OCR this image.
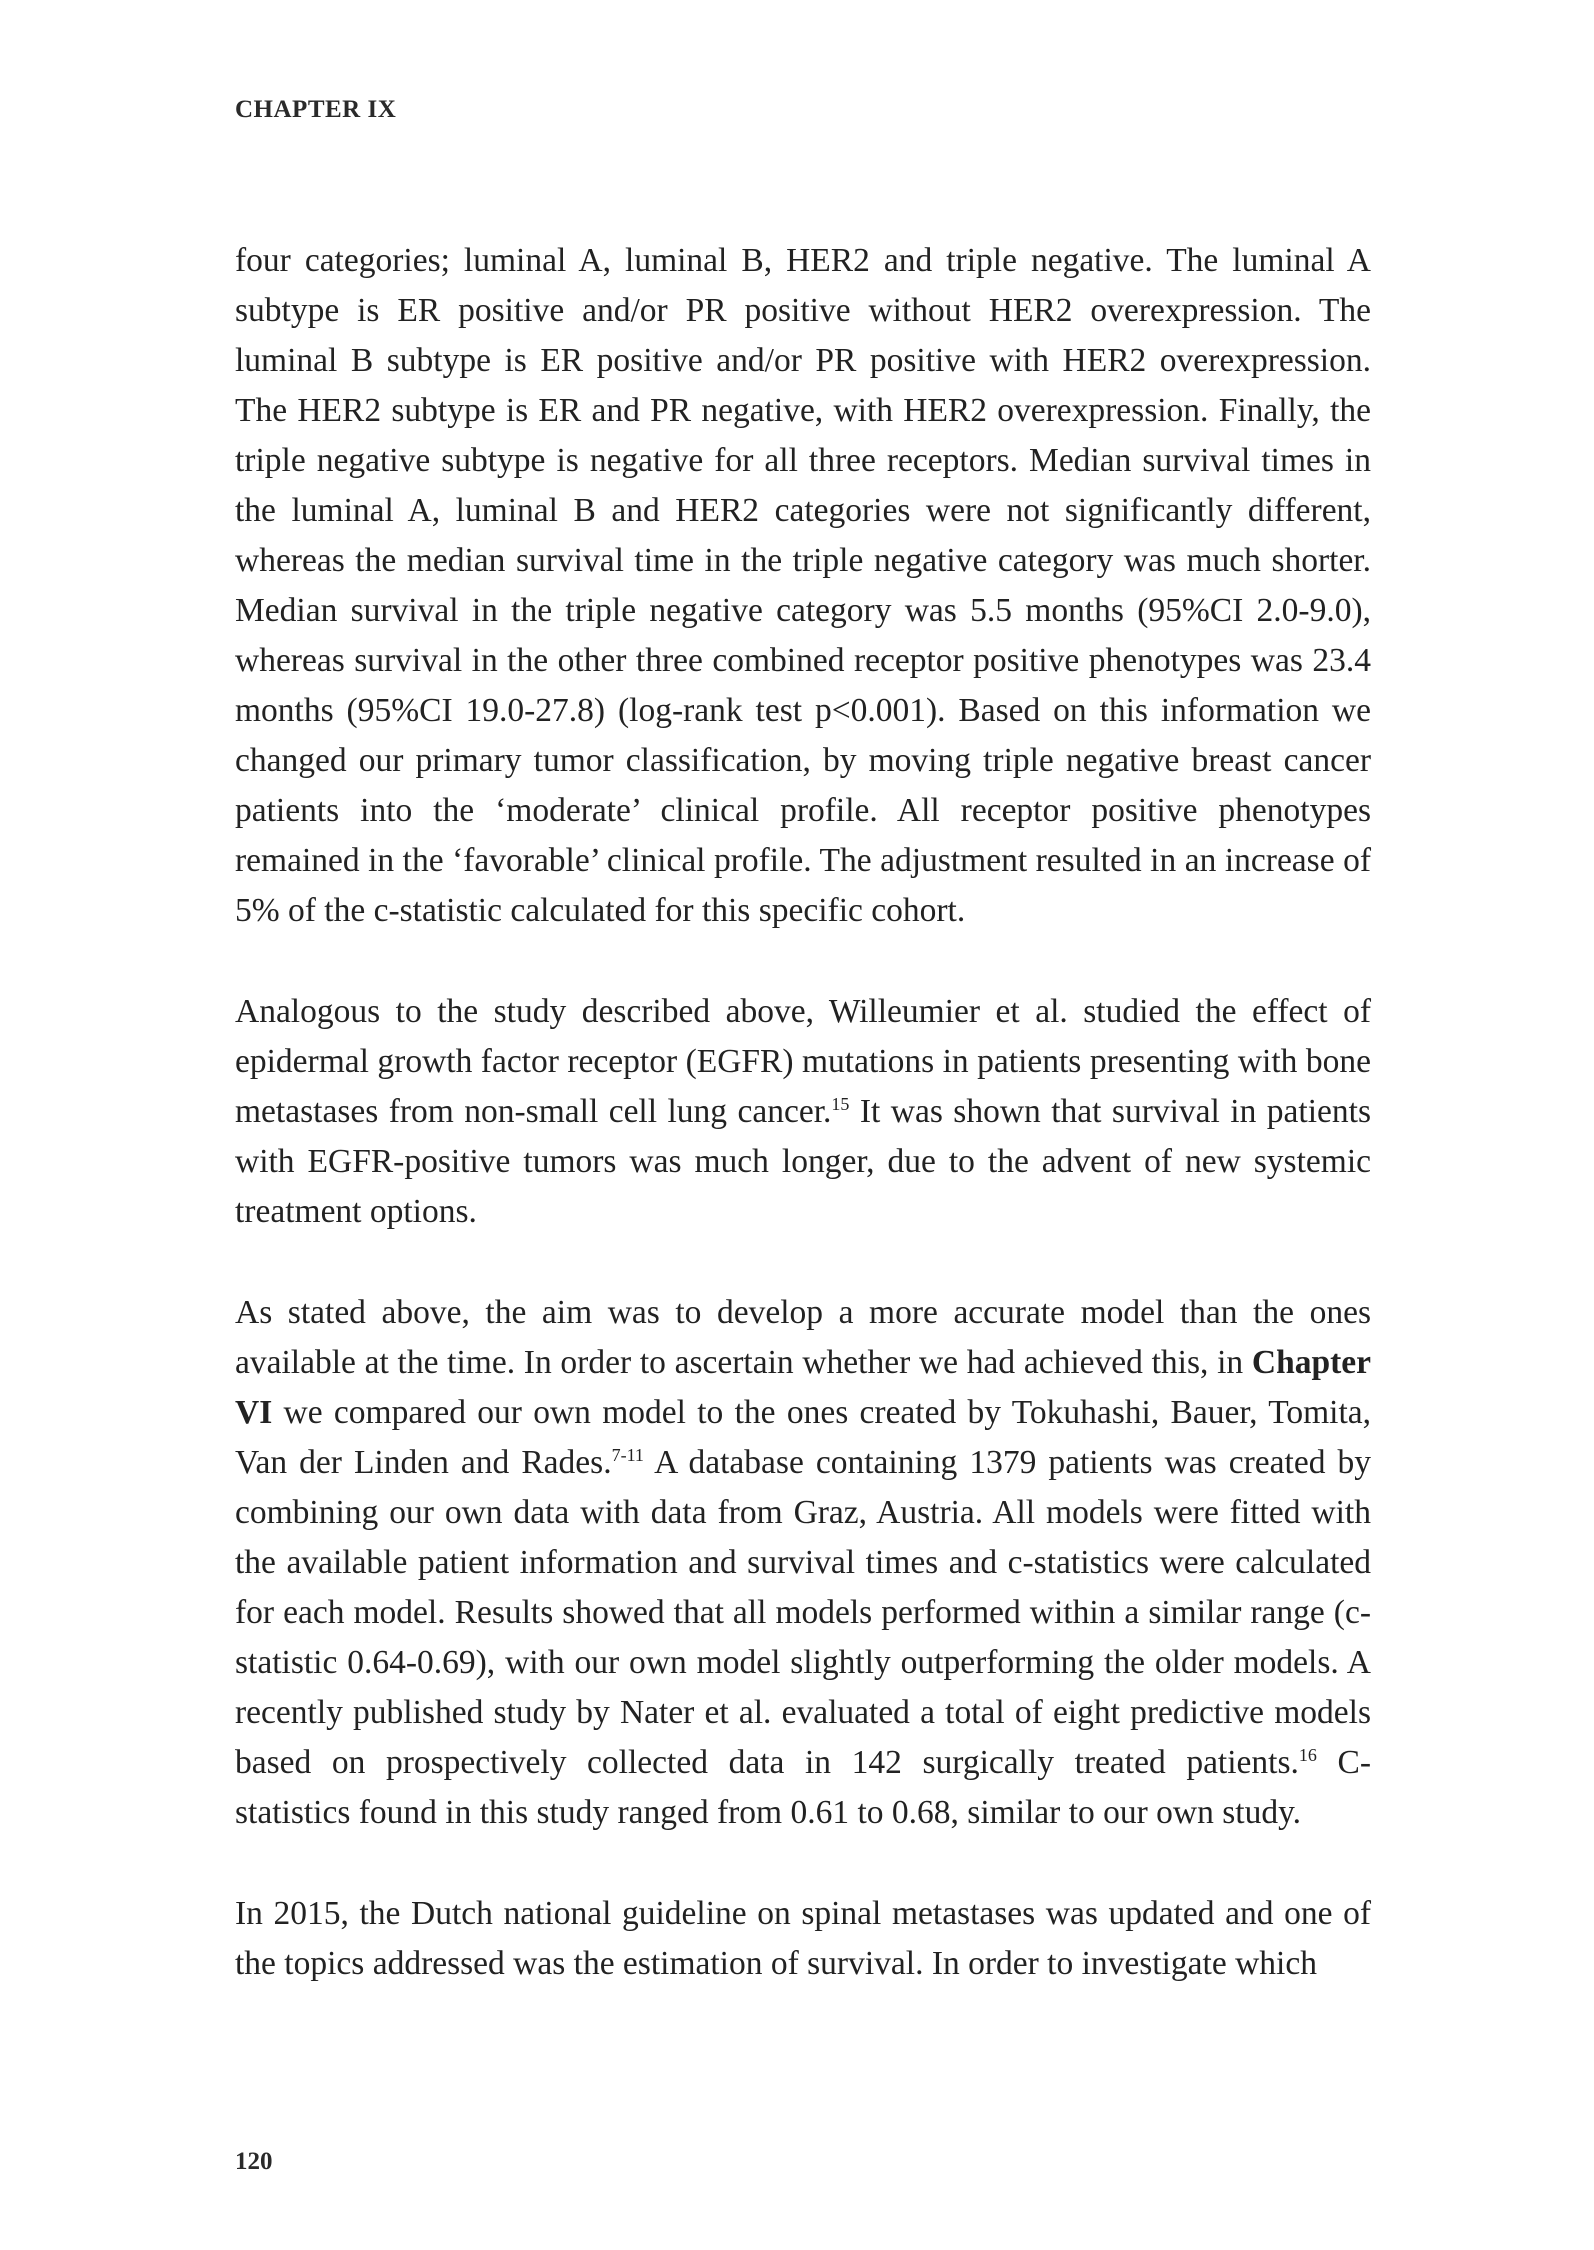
CHAPTER IX

four categories; luminal A, luminal B, HER2 and triple negative. The luminal A subtype is ER positive and/or PR positive without HER2 overexpression. The luminal B subtype is ER positive and/or PR positive with HER2 overexpression. The HER2 subtype is ER and PR negative, with HER2 overexpression. Finally, the triple negative subtype is negative for all three receptors. Median survival times in the luminal A, luminal B and HER2 categories were not significantly different, whereas the median survival time in the triple negative category was much shorter. Median survival in the triple negative category was 5.5 months (95%CI 2.0-9.0), whereas survival in the other three combined receptor positive phenotypes was 23.4 months (95%CI 19.0-27.8) (log-rank test p<0.001). Based on this information we changed our primary tumor classification, by moving triple negative breast cancer patients into the ‘moderate’ clinical profile. All receptor positive phenotypes remained in the ‘favorable’ clinical profile. The adjustment resulted in an increase of 5% of the c-statistic calculated for this specific cohort.

Analogous to the study described above, Willeumier et al. studied the effect of epidermal growth factor receptor (EGFR) mutations in patients presenting with bone metastases from non-small cell lung cancer.$^{15}$ It was shown that survival in patients with EGFR-positive tumors was much longer, due to the advent of new systemic treatment options.

As stated above, the aim was to develop a more accurate model than the ones available at the time. In order to ascertain whether we had achieved this, in Chapter VI we compared our own model to the ones created by Tokuhashi, Bauer, Tomita, Van der Linden and Rades.$^{7-11}$ A database containing 1379 patients was created by combining our own data with data from Graz, Austria. All models were fitted with the available patient information and survival times and c-statistics were calculated for each model. Results showed that all models performed within a similar range (c-statistic 0.64-0.69), with our own model slightly outperforming the older models. A recently published study by Nater et al. evaluated a total of eight predictive models based on prospectively collected data in 142 surgically treated patients.$^{16}$ C- statistics found in this study ranged from 0.61 to 0.68, similar to our own study.

In 2015, the Dutch national guideline on spinal metastases was updated and one of the topics addressed was the estimation of survival. In order to investigate which

120
